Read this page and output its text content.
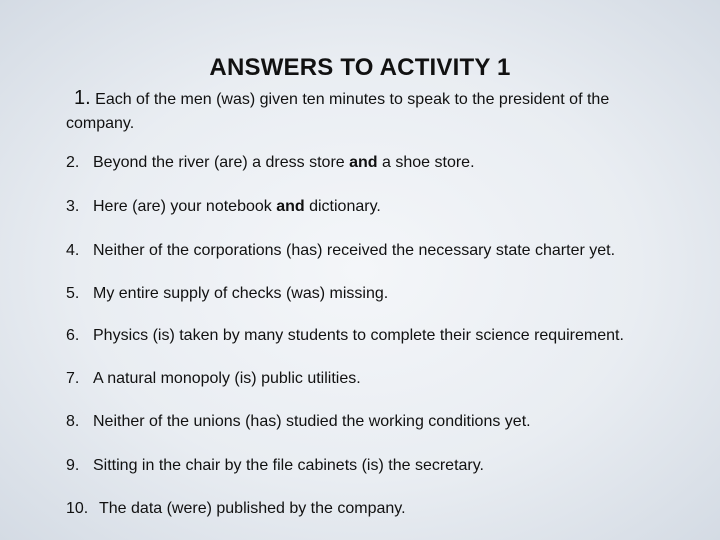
ANSWERS TO ACTIVITY 1
1. Each of the men (was) given ten minutes to speak to the president of the company.
2. Beyond the river (are) a dress store and a shoe store.
3. Here (are) your notebook and dictionary.
4. Neither of the corporations (has) received the necessary state charter yet.
5. My entire supply of checks (was) missing.
6. Physics (is) taken by many students to complete their science requirement.
7. A natural monopoly (is) public utilities.
8. Neither of the unions (has) studied the working conditions yet.
9. Sitting in the chair by the file cabinets (is) the secretary.
10. The data (were) published by the company.
